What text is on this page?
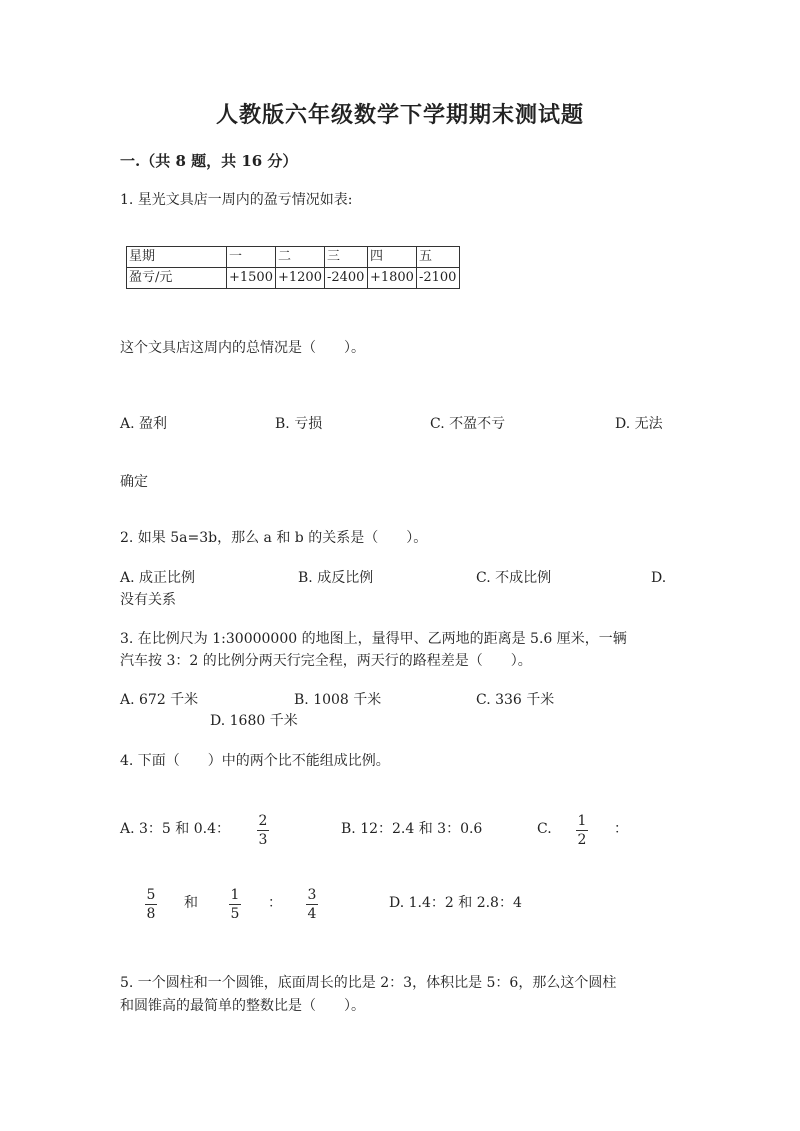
人教版六年级数学下学期期末测试题
一.（共 8 题，共 16 分）
1. 星光文具店一周内的盈亏情况如表:
星期	一	二	三	四	五
盈亏/元	+1500	+1200	-2400	+1800	-2100
这个文具店这周内的总情况是（　　）。
A. 盈利	B. 亏损	C. 不盈不亏	D. 无法
确定
2. 如果 5a=3b，那么 a 和 b 的关系是（　　）。
A. 成正比例	B. 成反比例	C. 不成比例	D.
没有关系
3. 在比例尺为 1:30000000 的地图上，量得甲、乙两地的距离是 5.6 厘米，一辆
汽车按 3：2 的比例分两天行完全程，两天行的路程差是（　　）。
A. 672 千米	B. 1008 千米	C. 336 千米
D. 1680 千米
4. 下面（　　）中的两个比不能组成比例。
A. 3：5 和 0.4： 2
3
B. 12：2.4 和 3：0.6	C. 1
2
：
5
8
和 1
5
： 3
4
D. 1.4：2 和 2.8：4
5. 一个圆柱和一个圆锥，底面周长的比是 2：3，体积比是 5：6，那么这个圆柱
和圆锥高的最简单的整数比是（　　）。
